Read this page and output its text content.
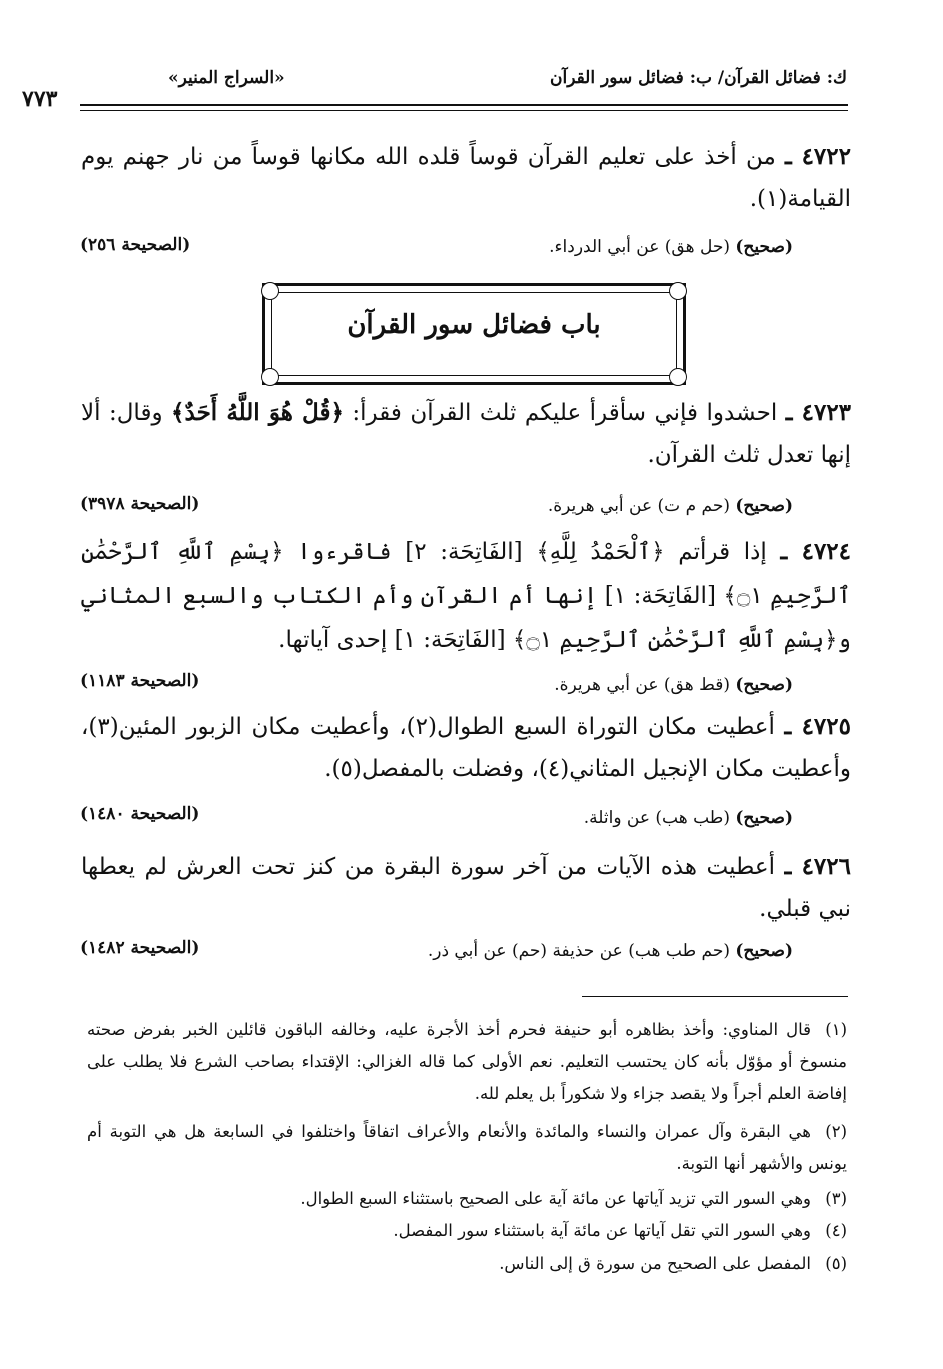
ك: فضائل القرآن/ ب: فضائل سور القرآن
«السراج المنير»
٧٧٣
٤٧٢٢ ـ من أخذ على تعليم القرآن قوساً قلده الله مكانها قوساً من نار جهنم يوم القيامة(١).
(صحيح) (حل هق) عن أبي الدرداء.
(الصحيحة ٢٥٦)
باب فضائل سور القرآن
٤٧٢٣ ـ احشدوا فإني سأقرأ عليكم ثلث القرآن فقرأ: ﴿قُلْ هُوَ اللَّهُ أَحَدٌ﴾ وقال: ألا إنها تعدل ثلث القرآن.
(صحيح) (حم م ت) عن أبي هريرة.
(الصحيحة ٣٩٧٨)
٤٧٢٤ ـ إذا قرأتم ﴿ٱلْحَمْدُ لِلَّهِ﴾ [الفَاتِحَة: ٢] فاقرءوا ﴿بِسْمِ ٱللَّهِ ٱلرَّحْمَٰنِ ٱلرَّحِيمِ ۝١﴾ [الفَاتِحَة: ١] إنها أم القرآن وأم الكتاب والسبع المثاني و﴿بِسْمِ ٱللَّهِ ٱلرَّحْمَٰنِ ٱلرَّحِيمِ ۝١﴾ [الفَاتِحَة: ١] إحدى آياتها.
(صحيح) (قط هق) عن أبي هريرة.
(الصحيحة ١١٨٣)
٤٧٢٥ ـ أعطيت مكان التوراة السبع الطوال(٢)، وأعطيت مكان الزبور المئين(٣)، وأعطيت مكان الإنجيل المثاني(٤)، وفضلت بالمفصل(٥).
(صحيح) (طب هب) عن واثلة.
(الصحيحة ١٤٨٠)
٤٧٢٦ ـ أعطيت هذه الآيات من آخر سورة البقرة من كنز تحت العرش لم يعطها نبي قبلي.
(صحيح) (حم طب هب) عن حذيفة (حم) عن أبي ذر.
(الصحيحة ١٤٨٢)
(١)قال المناوي: وأخذ بظاهره أبو حنيفة فحرم أخذ الأجرة عليه، وخالفه الباقون قائلين الخبر بفرض صحته منسوخ أو مؤوّل بأنه كان يحتسب التعليم. نعم الأولى كما قاله الغزالي: الإقتداء بصاحب الشرع فلا يطلب على إفاضة العلم أجراً ولا يقصد جزاء ولا شكوراً بل يعلم لله.
(٢)هي البقرة وآل عمران والنساء والمائدة والأنعام والأعراف اتفاقاً واختلفوا في السابعة هل هي التوبة أم يونس والأشهر أنها التوبة.
(٣)وهي السور التي تزيد آياتها عن مائة آية على الصحيح باستثناء السبع الطوال.
(٤)وهي السور التي تقل آياتها عن مائة آية باستثناء سور المفصل.
(٥)المفصل على الصحيح من سورة ق إلى الناس.
